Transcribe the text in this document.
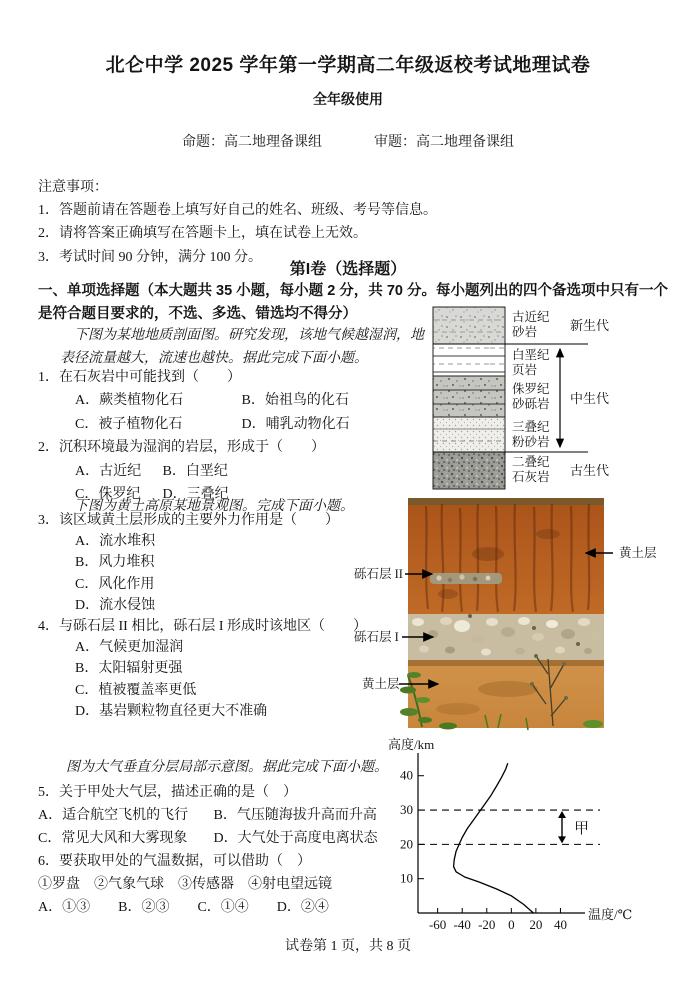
北仑中学 2025 学年第一学期高二年级返校考试地理试卷
全年级使用
命题：高二地理备课组	审题：高二地理备课组
注意事项：
1．答题前请在答题卷上填写好自己的姓名、班级、考号等信息。
2．请将答案正确填写在答题卡上，填在试卷上无效。
3．考试时间 90 分钟，满分 100 分。
第I卷（选择题）
一、单项选择题（本大题共 35 小题，每小题 2 分，共 70 分。每小题列出的四个备选项中只有一个是符合题目要求的，不选、多选、错选均不得分）
下图为某地地质剖面图。研究发现，该地气候越湿润，地表径流量越大，流速也越快。据此完成下面小题。
1．在石灰岩中可能找到（　　）
A．蕨类植物化石	B．始祖鸟的化石
C．被子植物化石	D．哺乳动物化石
2．沉积环境最为湿润的岩层，形成于（　　）
A．古近纪 B．白垩纪
C．侏罗纪 D．三叠纪
下图为黄土高原某地景观图。完成下面小题。
3．该区域黄土层形成的主要外力作用是（　　）
A．流水堆积
B．风力堆积
C．风化作用
D．流水侵蚀
4．与砾石层 II 相比，砾石层 I 形成时该地区（　　）
A．气候更加湿润
B．太阳辐射更强
C．植被覆盖率更低
D．基岩颗粒物直径更大不准确
图为大气垂直分层局部示意图。据此完成下面小题。
5．关于甲处大气层，描述正确的是（　）
A．适合航空飞机的飞行 B．气压随海拔升高而升高
C．常见大风和大雾现象 D．大气处于高度电离状态
6．要获取甲处的气温数据，可以借助（　）
①罗盘　②气象气球　③传感器　④射电望远镜
A．①③　　B．②③　　C．①④　　D．②④
古近纪
砂岩
白垩纪
页岩
侏罗纪
砂砾岩
三叠纪
粉砂岩
二叠纪
石灰岩
新生代
中生代
古生代
砾石层 II
砾石层 I
黄土层
黄土层
-60 -40 -20 0 20 40
10
20
30
40
甲
高度/km
温度/℃
试卷第 1 页，共 8 页
